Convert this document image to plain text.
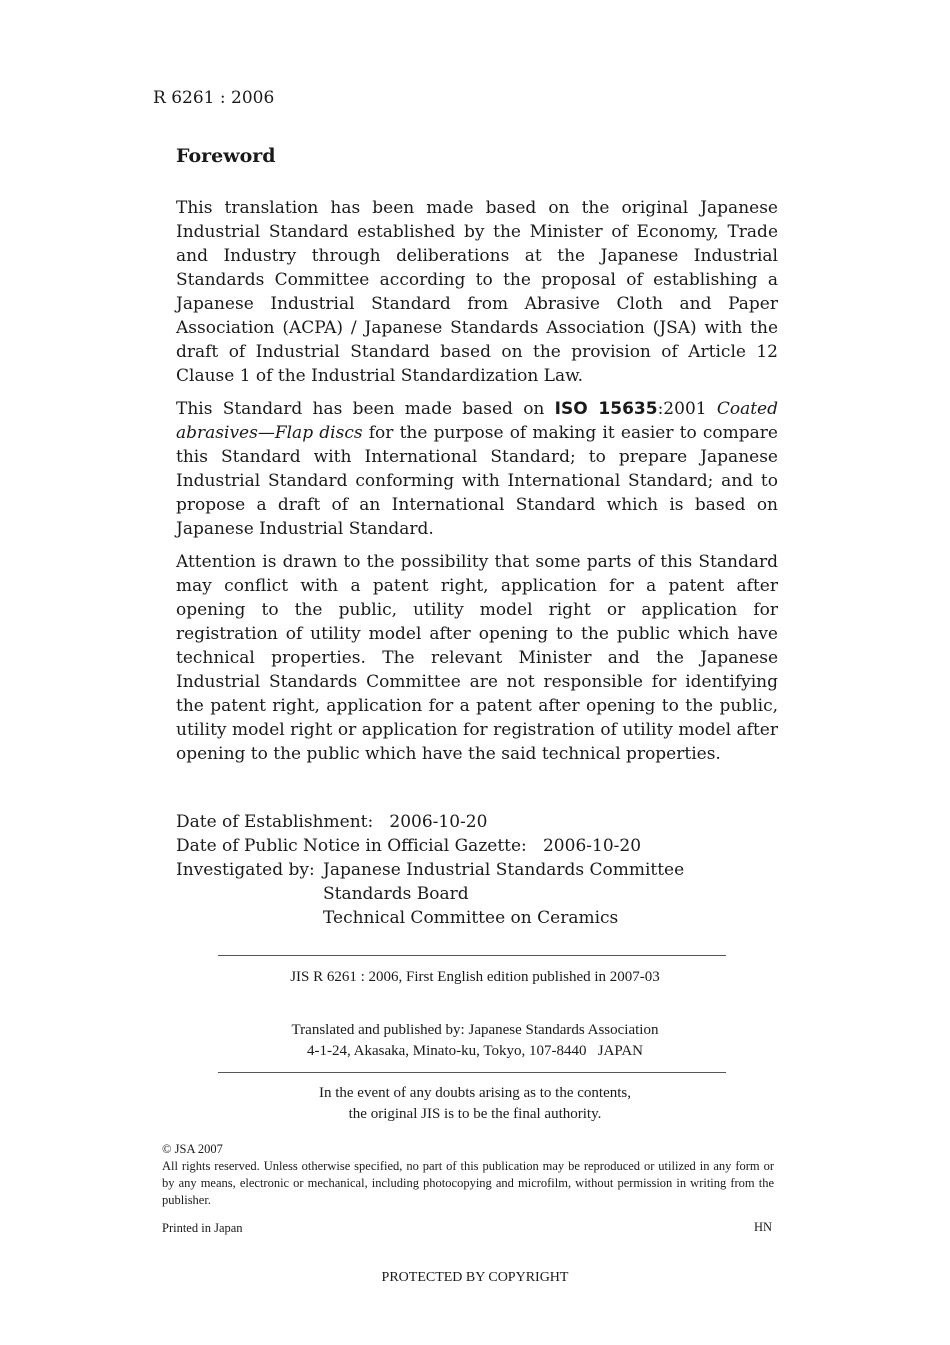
R 6261 : 2006
Foreword
This translation has been made based on the original Japanese Industrial Standard established by the Minister of Economy, Trade and Industry through deliberations at the Japanese Industrial Standards Committee according to the proposal of establishing a Japanese Industrial Standard from Abrasive Cloth and Paper Association (ACPA) / Japanese Standards Association (JSA) with the draft of Industrial Standard based on the provision of Article 12 Clause 1 of the Industrial Standardization Law.
This Standard has been made based on ISO 15635:2001 Coated abrasives—Flap discs for the purpose of making it easier to compare this Standard with International Standard; to prepare Japanese Industrial Standard conforming with International Standard; and to propose a draft of an International Standard which is based on Japanese Industrial Standard.
Attention is drawn to the possibility that some parts of this Standard may conflict with a patent right, application for a patent after opening to the public, utility model right or application for registration of utility model after opening to the public which have technical properties. The relevant Minister and the Japanese Industrial Standards Committee are not responsible for identifying the patent right, application for a patent after opening to the public, utility model right or application for registration of utility model after opening to the public which have the said technical properties.
Date of Establishment:   2006-10-20
Date of Public Notice in Official Gazette:   2006-10-20
Investigated by: Japanese Industrial Standards Committee
Standards Board
Technical Committee on Ceramics
JIS R 6261 : 2006, First English edition published in 2007-03
Translated and published by: Japanese Standards Association
4-1-24, Akasaka, Minato-ku, Tokyo, 107-8440   JAPAN
In the event of any doubts arising as to the contents,
the original JIS is to be the final authority.
© JSA 2007
All rights reserved. Unless otherwise specified, no part of this publication may be reproduced or utilized in any form or by any means, electronic or mechanical, including photocopying and microfilm, without permission in writing from the publisher.
Printed in Japan	HN
PROTECTED BY COPYRIGHT
